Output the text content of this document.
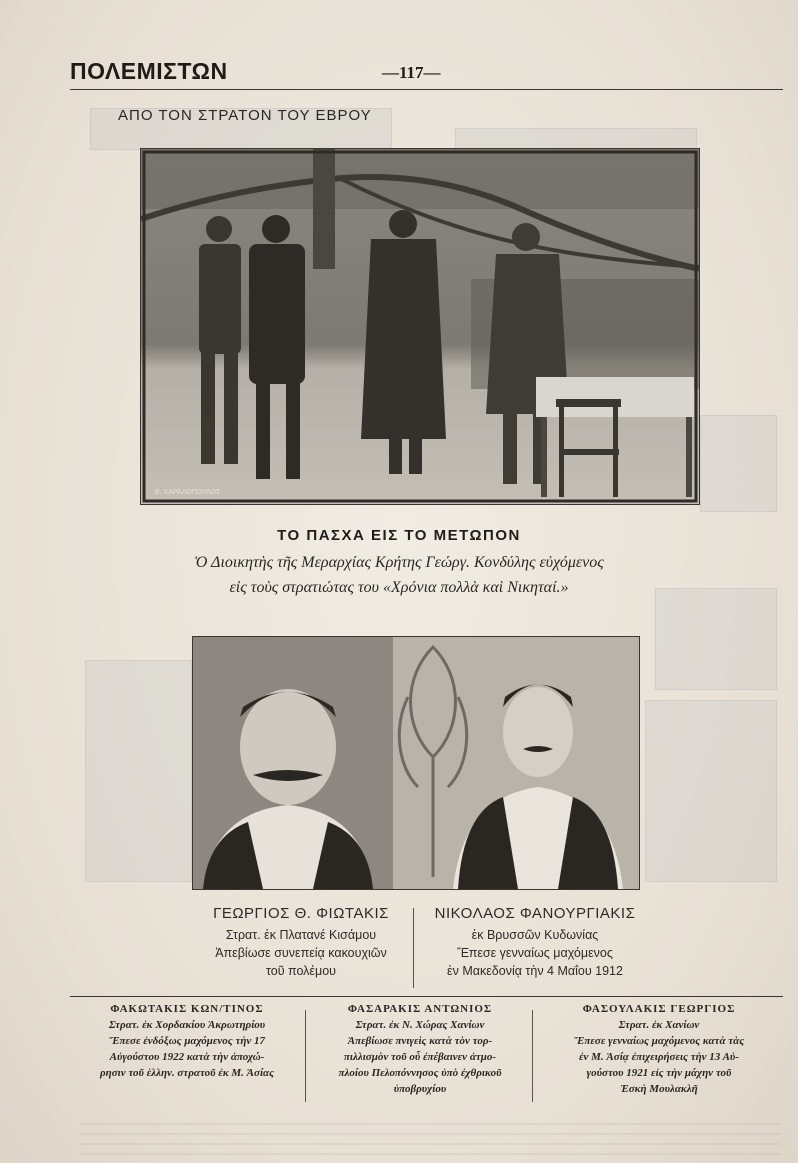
ΠΟΛΕΜΙΣΤΩΝ	—117—
ΑΠΟ ΤΟΝ ΣΤΡΑΤΟΝ ΤΟΥ ΕΒΡΟΥ
Ε. ΧΑΡΑΛΟΠΟΥΛΟΣ
ΤΟ ΠΑΣΧΑ ΕΙΣ ΤΟ ΜΕΤΩΠΟΝ
Ὁ Διοικητὴς τῆς Μεραρχίας Κρήτης Γεώργ. Κονδύλης εὐχόμενος
εἰς τοὺς στρατιώτας του «Χρόνια πολλὰ καὶ Νικηταί.»
ΓΕΩΡΓΙΟΣ Θ. ΦΙΩΤΑΚΙΣ
Στρατ. ἐκ Πλατανέ Κισάμου
Ἀπεβίωσε συνεπείᾳ κακουχιῶν
τοῦ πολέμου
ΝΙΚΟΛΑΟΣ ΦΑΝΟΥΡΓΙΑΚΙΣ
ἐκ Βρυσσῶν Κυδωνίας
Ἔπεσε γενναίως μαχόμενος
ἐν Μακεδονίᾳ τὴν 4 Μαΐου 1912
ΦΑΚΩΤΑΚΙΣ ΚΩΝ/ΤΙΝΟΣ
Στρατ. ἐκ Χορδακίου Ἀκρωτηρίου
Ἔπεσε ἐνδόξως μαχόμενος τὴν 17
Αὐγούστου 1922 κατὰ τὴν ἀποχώ-
ρησιν τοῦ ἑλλην. στρατοῦ ἐκ Μ. Ἀσίας
ΦΑΣΑΡΑΚΙΣ ΑΝΤΩΝΙΟΣ
Στρατ. ἐκ Ν. Χώρας Χανίων
Ἀπεβίωσε πνιγεὶς κατὰ τὸν τορ-
πιλλισμὸν τοῦ οὗ ἐπέβαινεν ἀτμο-
πλοίου Πελοπόννησος ὑπὸ ἐχθρικοῦ
ὑποβρυχίου
ΦΑΣΟΥΛΑΚΙΣ ΓΕΩΡΓΙΟΣ
Στρατ. ἐκ Χανίων
Ἔπεσε γενναίως μαχόμενος κατὰ τὰς
ἐν Μ. Ἀσίᾳ ἐπιχειρήσεις τὴν 13 Αὐ-
γούστου 1921 εἰς τὴν μάχην τοῦ
Ἐσκὴ Μουλακλῆ
